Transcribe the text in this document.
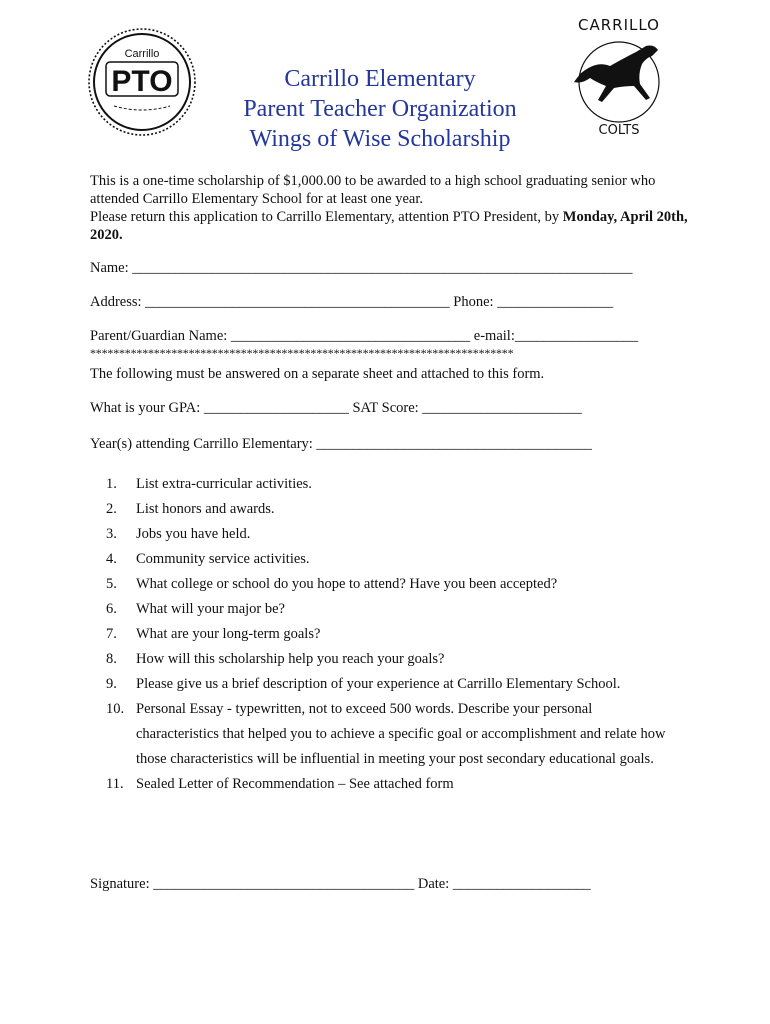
Carrillo
PTO	Carrillo Elementary
Parent Teacher Organization
Wings of Wise Scholarship
CARRILLO
COLTS

This is a one-time scholarship of $1,000.00 to be awarded to a high school graduating senior who attended Carrillo Elementary School for at least one year.

Please return this application to Carrillo Elementary, attention PTO President, by Monday, April 20th, 2020.

Name: _____________________________________________________________________
Address: __________________________________________ Phone: ________________
Parent/Guardian Name: _________________________________ e-mail:_________________
*************************************************************************
The following must be answered on a separate sheet and attached to this form.
What is your GPA: ____________________ SAT Score: ______________________
Year(s) attending Carrillo Elementary: ______________________________________
1.	List extra-curricular activities.
2.	List honors and awards.
3.	Jobs you have held.
4.	Community service activities.
5.	What college or school do you hope to attend? Have you been accepted?
6.	What will your major be?
7.	What are your long-term goals?
8.	How will this scholarship help you reach your goals?
9.	Please give us a brief description of your experience at Carrillo Elementary School.
10. Personal Essay - typewritten, not to exceed 500 words. Describe your personal characteristics that helped you to achieve a specific goal or accomplishment and relate how those characteristics will be influential in meeting your post secondary educational goals.
11. Sealed Letter of Recommendation – See attached form
Signature: ____________________________________ Date: ___________________
